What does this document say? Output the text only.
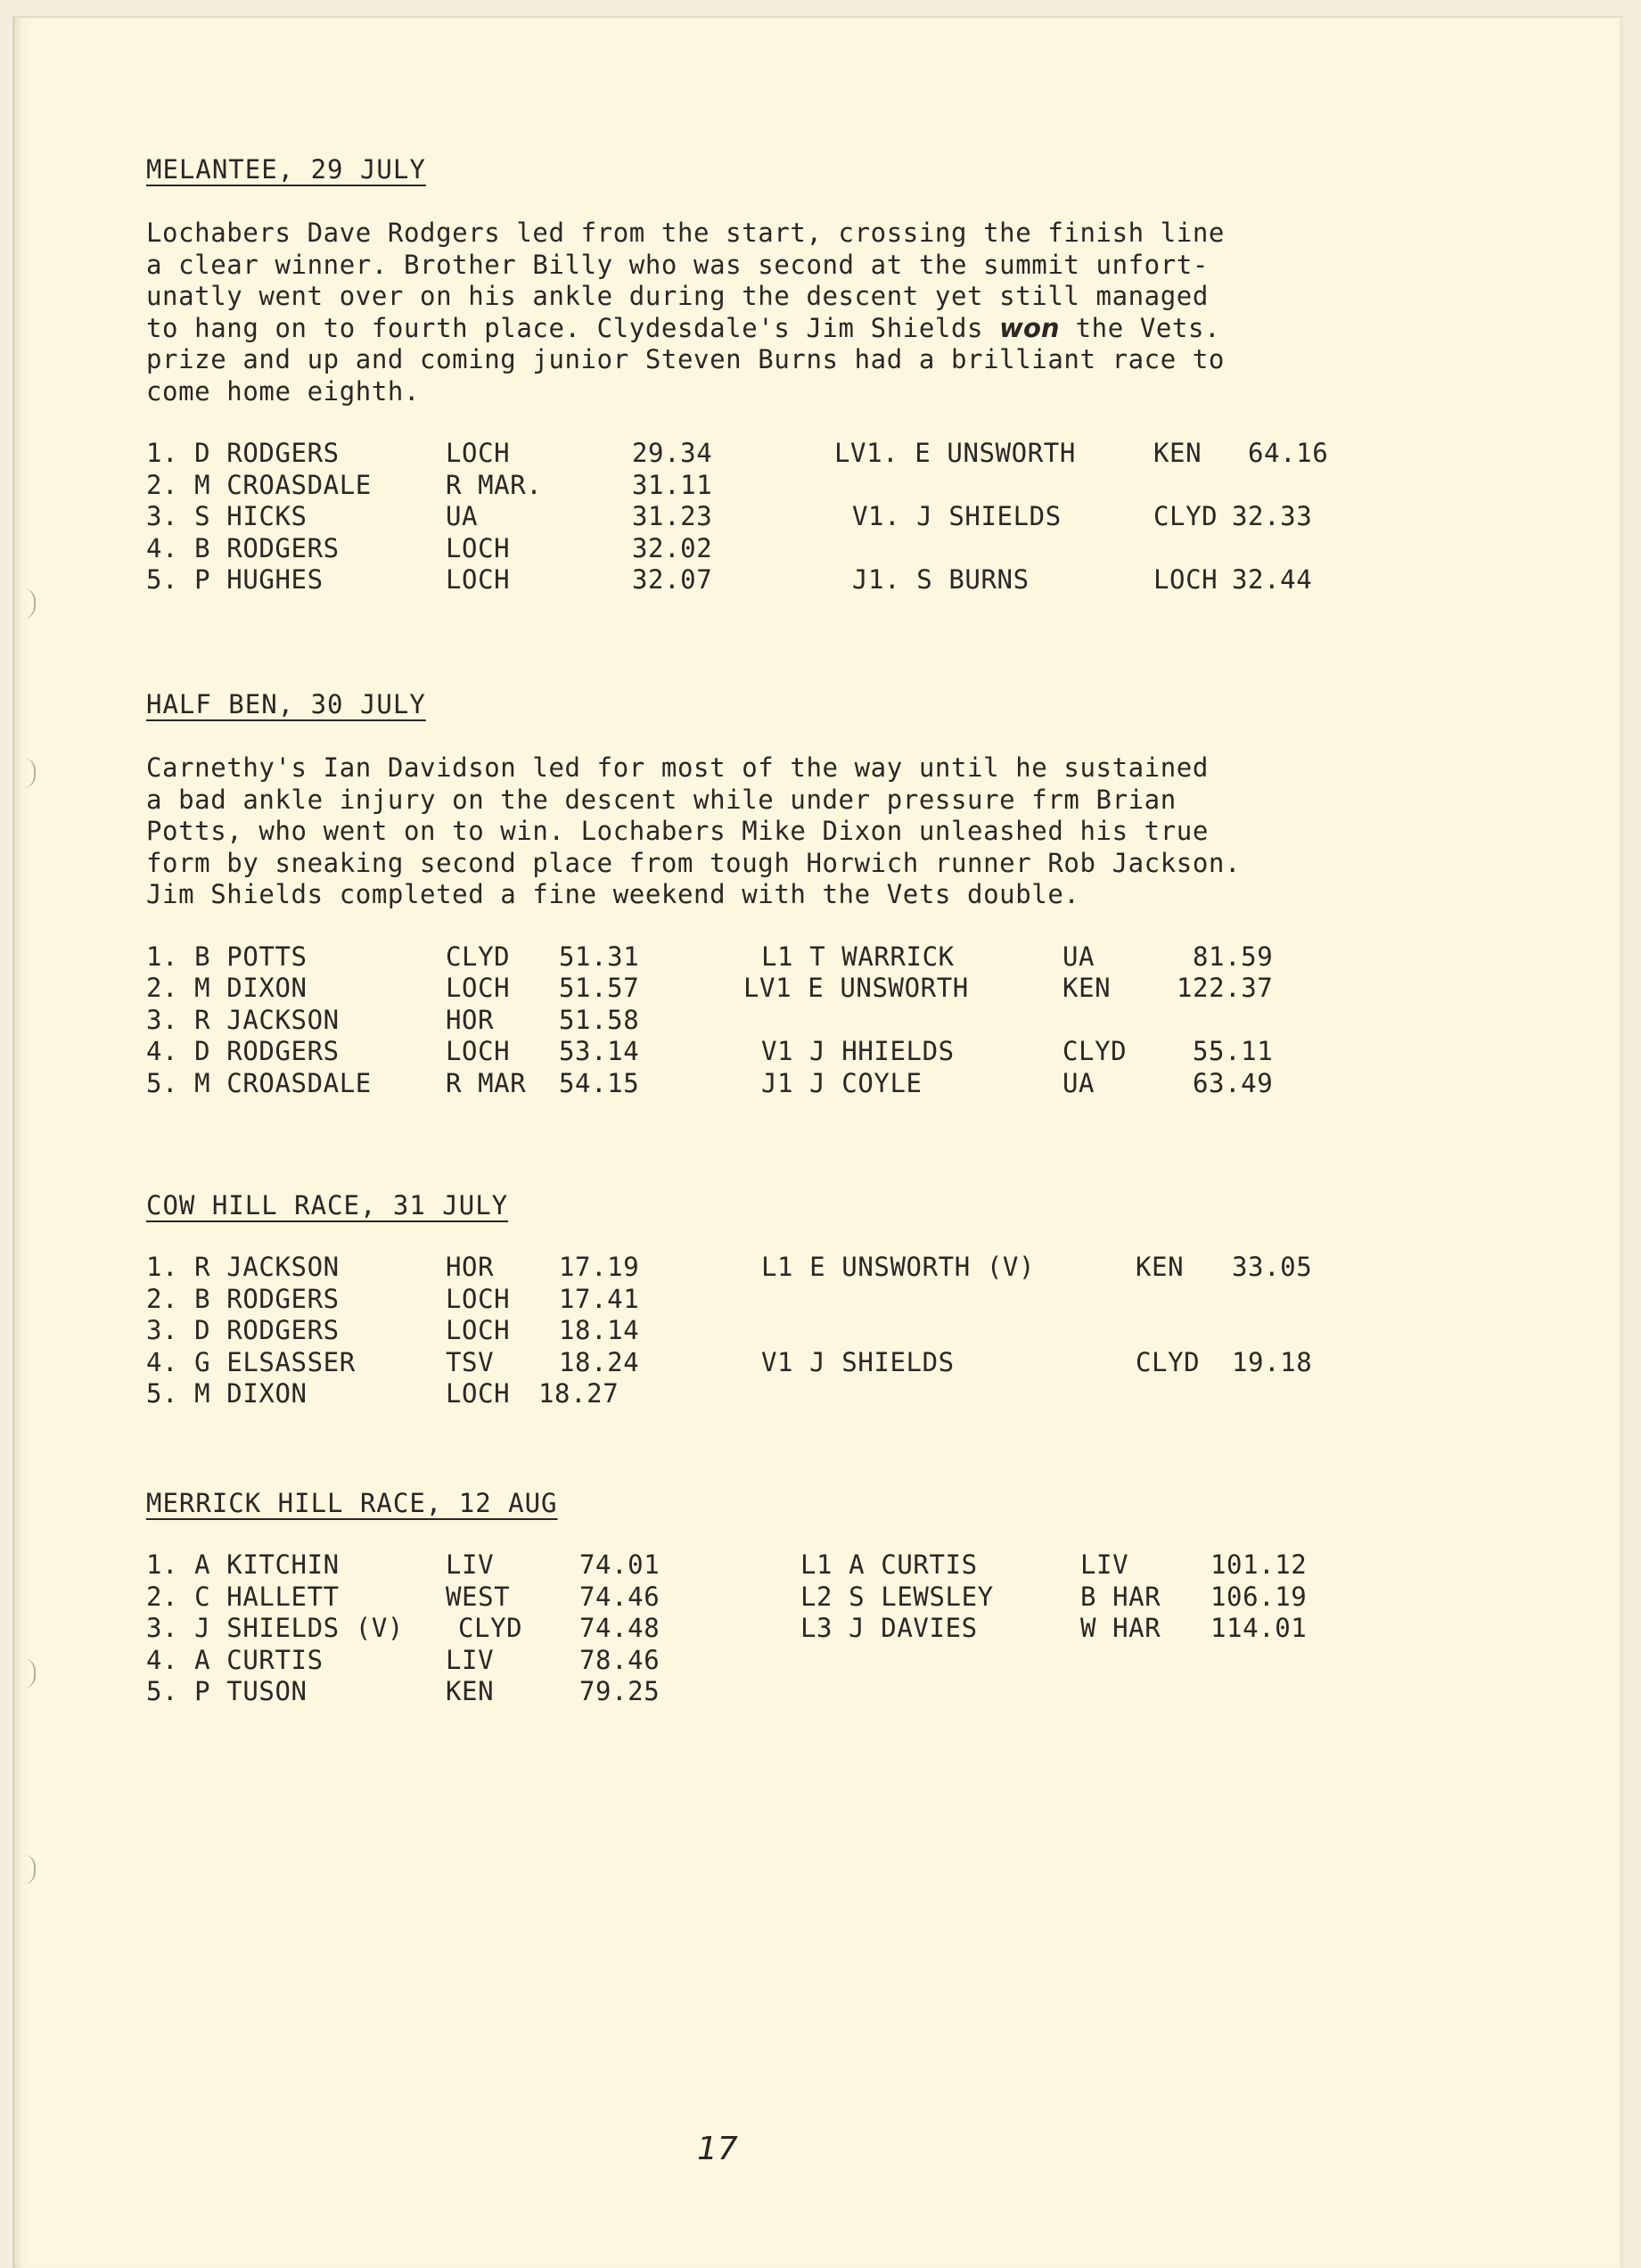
MELANTEE, 29 JULY
Lochabers Dave Rodgers led from the start, crossing the finish line
a clear winner. Brother Billy who was second at the summit unfort-
unatly went over on his ankle during the descent yet still managed
to hang on to fourth place. Clydesdale's Jim Shields won the Vets.
prize and up and coming junior Steven Burns had a brilliant race to
come home eighth.
1. D RODGERS	LOCH	29.34	LV1. E UNSWORTH	KEN 64.16
2. M CROASDALE	R MAR.	31.11
3. S HICKS	UA	31.23	V1. J SHIELDS	CLYD 32.33
4. B RODGERS	LOCH	32.02
5. P HUGHES	LOCH	32.07	J1. S BURNS	LOCH 32.44
HALF BEN, 30 JULY
Carnethy's Ian Davidson led for most of the way until he sustained
a bad ankle injury on the descent while under pressure frm Brian
Potts, who went on to win. Lochabers Mike Dixon unleashed his true
form by sneaking second place from tough Horwich runner Rob Jackson.
Jim Shields completed a fine weekend with the Vets double.
1. B POTTS	CLYD 51.31	L1 T WARRICK	UA	81.59
2. M DIXON	LOCH 51.57	LV1 E UNSWORTH	KEN	122.37
3. R JACKSON	HOR	51.58
4. D RODGERS	LOCH 53.14	V1 J HHIELDS	CLYD	55.11
5. M CROASDALE	R MAR 54.15	J1 J COYLE	UA	63.49
COW HILL RACE, 31 JULY
1. R JACKSON	HOR	17.19	L1 E UNSWORTH (V)	KEN 33.05
2. B RODGERS	LOCH 17.41
3. D RODGERS	LOCH 18.14
4. G ELSASSER	TSV	18.24	V1 J SHIELDS	CLYD 19.18
5. M DIXON	LOCH 18.27
MERRICK HILL RACE, 12 AUG
1. A KITCHIN	LIV	74.01	L1 A CURTIS	LIV	101.12
2. C HALLETT	WEST	74.46	L2 S LEWSLEY	B HAR 106.19
3. J SHIELDS (V) CLYD 74.48	L3 J DAVIES	W HAR 114.01
4. A CURTIS	LIV	78.46
5. P TUSON	KEN	79.25
17
